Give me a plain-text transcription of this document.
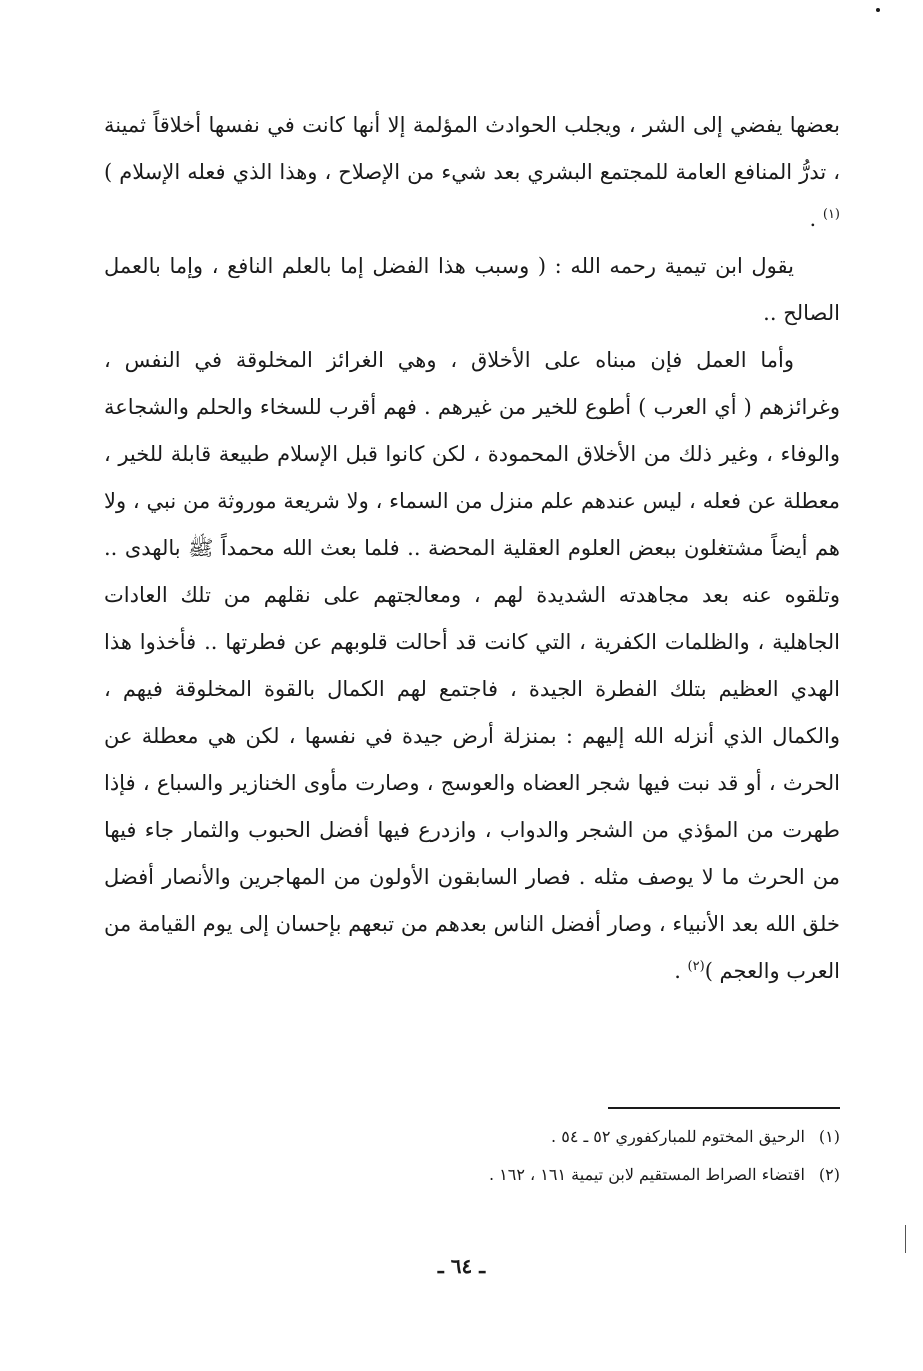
بعضها يفضي إلى الشر ، ويجلب الحوادث المؤلمة إلا أنها كانت في نفسها أخلاقاً ثمينة ، تدرُّ المنافع العامة للمجتمع البشري بعد شيء من الإصلاح ، وهذا الذي فعله الإسلام )$^{(١)}$ .

يقول ابن تيمية رحمه الله : ( وسبب هذا الفضل إما بالعلم النافع ، وإما بالعمل الصالح ..

وأما العمل فإن مبناه على الأخلاق ، وهي الغرائز المخلوقة في النفس ، وغرائزهم ( أي العرب ) أطوع للخير من غيرهم . فهم أقرب للسخاء والحلم والشجاعة والوفاء ، وغير ذلك من الأخلاق المحمودة ، لكن كانوا قبل الإسلام طبيعة قابلة للخير ، معطلة عن فعله ، ليس عندهم علم منزل من السماء ، ولا شريعة موروثة من نبي ، ولا هم أيضاً مشتغلون ببعض العلوم العقلية المحضة .. فلما بعث الله محمداً ﷺ بالهدى .. وتلقوه عنه بعد مجاهدته الشديدة لهم ، ومعالجتهم على نقلهم من تلك العادات الجاهلية ، والظلمات الكفرية ، التي كانت قد أحالت قلوبهم عن فطرتها .. فأخذوا هذا الهدي العظيم بتلك الفطرة الجيدة ، فاجتمع لهم الكمال بالقوة المخلوقة فيهم ، والكمال الذي أنزله الله إليهم : بمنزلة أرض جيدة في نفسها ، لكن هي معطلة عن الحرث ، أو قد نبت فيها شجر العضاه والعوسج ، وصارت مأوى الخنازير والسباع ، فإذا طهرت من المؤذي من الشجر والدواب ، وازدرع فيها أفضل الحبوب والثمار جاء فيها من الحرث ما لا يوصف مثله . فصار السابقون الأولون من المهاجرين والأنصار أفضل خلق الله بعد الأنبياء ، وصار أفضل الناس بعدهم من تبعهم بإحسان إلى يوم القيامة من العرب والعجم )$^{(٢)}$ .

(١)
الرحيق المختوم للمباركفوري ٥٢ ـ ٥٤ .
(٢)
اقتضاء الصراط المستقيم لابن تيمية ١٦١ ، ١٦٢ .
ـ ٦٤ ـ
